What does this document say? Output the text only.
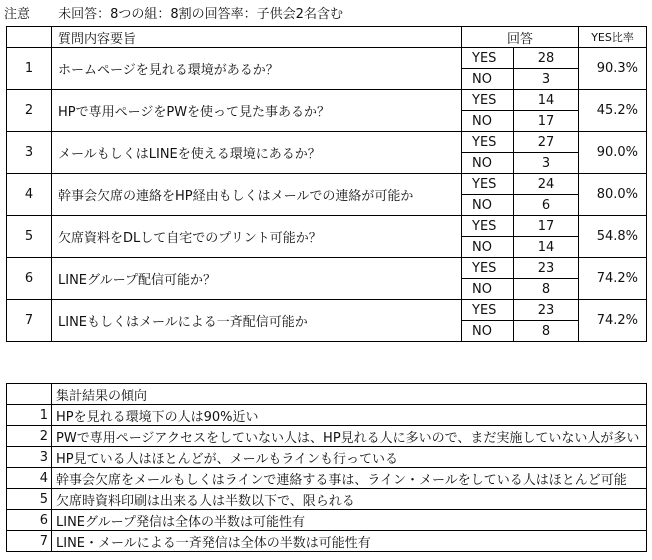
注意 未回答：8つの組：8割の回答率：子供会2名含む
	質問内容要旨	回答		YES比率
1	ホームページを見れる環境があるか？	YES	28	90.3%
		NO	3	
2	HPで専用ページをPWを使って見た事あるか？	YES	14	45.2%
		NO	17	
3	メールもしくはLINEを使える環境にあるか？	YES	27	90.0%
		NO	3	
4	幹事会欠席の連絡をHP経由もしくはメールでの連絡が可能か	YES	24	80.0%
		NO	6	
5	欠席資料をDLして自宅でのプリント可能か？	YES	17	54.8%
		NO	14	
6	LINEグループ配信可能か？	YES	23	74.2%
		NO	8	
7	LINEもしくはメールによる一斉配信可能か	YES	23	74.2%
		NO	8	
	集計結果の傾向
1	HPを見れる環境下の人は90%近い
2	PWで専用ページアクセスをしていない人は、HP見れる人に多いので、まだ実施していない人が多い
3	HP見ている人はほとんどが、メールもラインも行っている
4	幹事会欠席をメールもしくはラインで連絡する事は、ライン・メールをしている人はほとんど可能
5	欠席時資料印刷は出来る人は半数以下で、限られる
6	LINEグループ発信は全体の半数は可能性有
7	LINE・メールによる一斉発信は全体の半数は可能性有
